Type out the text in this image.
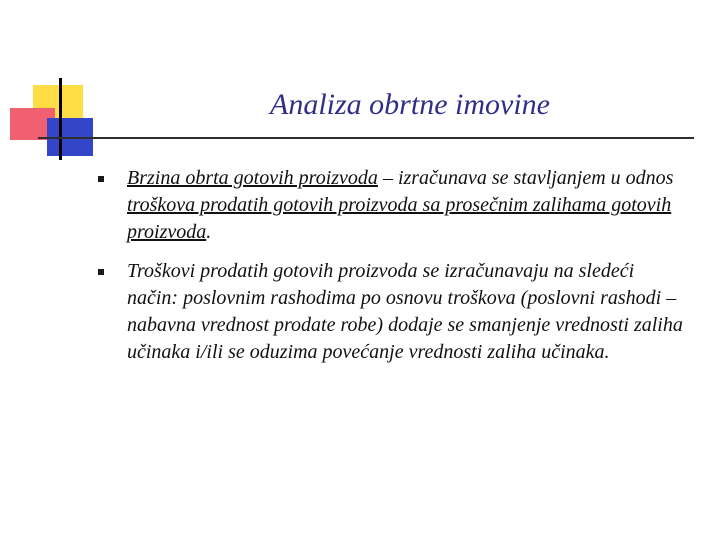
Analiza obrtne imovine
Brzina obrta gotovih proizvoda – izračunava se stavljanjem u odnos troškova prodatih gotovih proizvoda sa prosečnim zalihama gotovih proizvoda.
Troškovi prodatih gotovih proizvoda se izračunavaju na sledeći način: poslovnim rashodima po osnovu troškova (poslovni rashodi – nabavna vrednost prodate robe) dodaje se smanjenje vrednosti zaliha učinaka i/ili se oduzima povećanje vrednosti zaliha učinaka.
